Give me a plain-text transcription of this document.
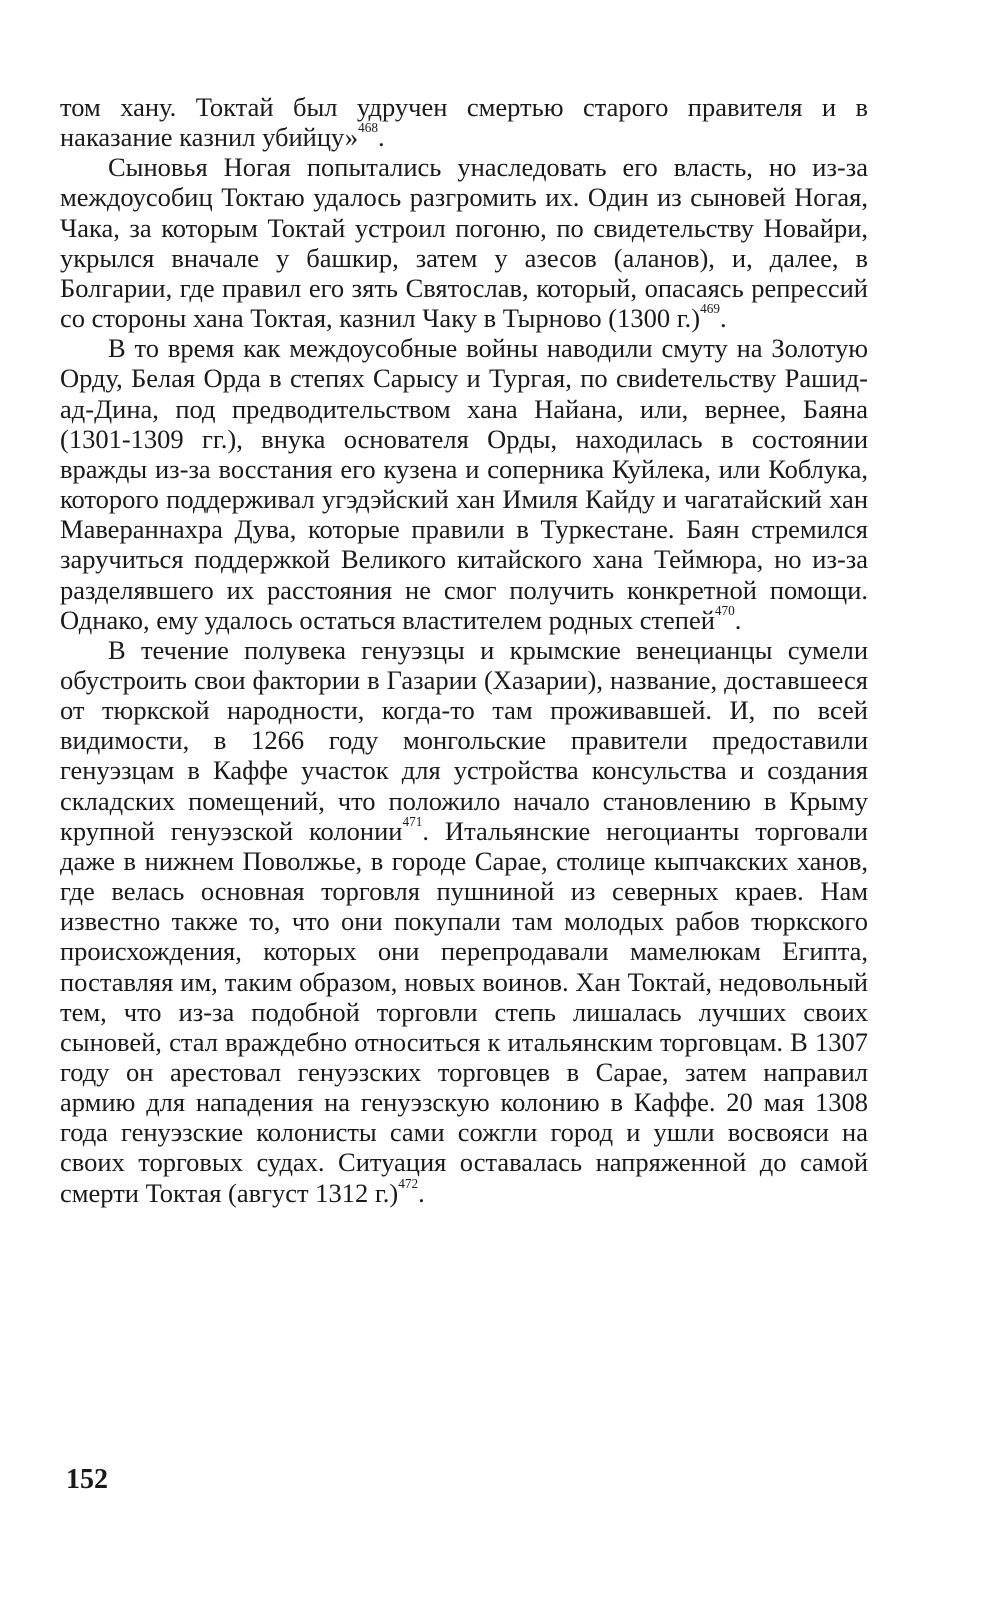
том хану. Токтай был удручен смертью старого правителя и в наказание казнил убийцу»$^{468}$.

Сыновья Ногая попытались унаследовать его власть, но из-за междоусобиц Токтаю удалось разгромить их. Один из сыновей Ногая, Чака, за которым Токтай устроил погоню, по свидетельству Новайри, укрылся вначале у башкир, затем у азесов (аланов), и, далее, в Болгарии, где правил его зять Святослав, который, опасаясь репрессий со стороны хана Токтая, казнил Чаку в Тырново (1300 г.)$^{469}$.

В то время как междоусобные войны наводили смуту на Золотую Орду, Белая Орда в степях Сарысу и Тургая, по свиdетельству Рашид-ад-Дина, под предводительством хана Найана, или, вернее, Баяна (1301-1309 гг.), внука основателя Орды, находилась в состоянии вражды из-за восстания его кузена и соперника Куйлека, или Коблука, которого поддерживал угэдэйский хан Имиля Кайду и чагатайский хан Мавераннахра Дува, которые правили в Туркестане. Баян стремился заручиться поддержкой Великого китайского хана Теймюра, но из-за разделявшего их расстояния не смог получить конкретной помощи. Однако, ему удалось остаться властителем родных степей$^{470}$.

В течение полувека генуэзцы и крымские венецианцы сумели обустроить свои фактории в Газарии (Хазарии), название, доставшееся от тюркской народности, когда-то там проживавшей. И, по всей видимости, в 1266 году монгольские правители предоставили генуэзцам в Каффе участок для устройства консульства и создания складских помещений, что положило начало становлению в Крыму крупной генуэзской колонии$^{471}$. Итальянские негоцианты торговали даже в нижнем Поволжье, в городе Сарае, столице кыпчакских ханов, где велась основная торговля пушниной из северных краев. Нам известно также то, что они покупали там молодых рабов тюркского происхождения, которых они перепродавали мамелюкам Египта, поставляя им, таким образом, новых воинов. Хан Токтай, недовольный тем, что из-за подобной торговли степь лишалась лучших своих сыновей, стал враждебно относиться к итальянским торговцам. В 1307 году он арестовал генуэзских торговцев в Сарае, затем направил армию для нападения на генуэзскую колонию в Каффе. 20 мая 1308 года генуэзские колонисты сами сожгли город и ушли восвояси на своих торговых судах. Ситуация оставалась напряженной до самой смерти Токтая (август 1312 г.)$^{472}$.

152
